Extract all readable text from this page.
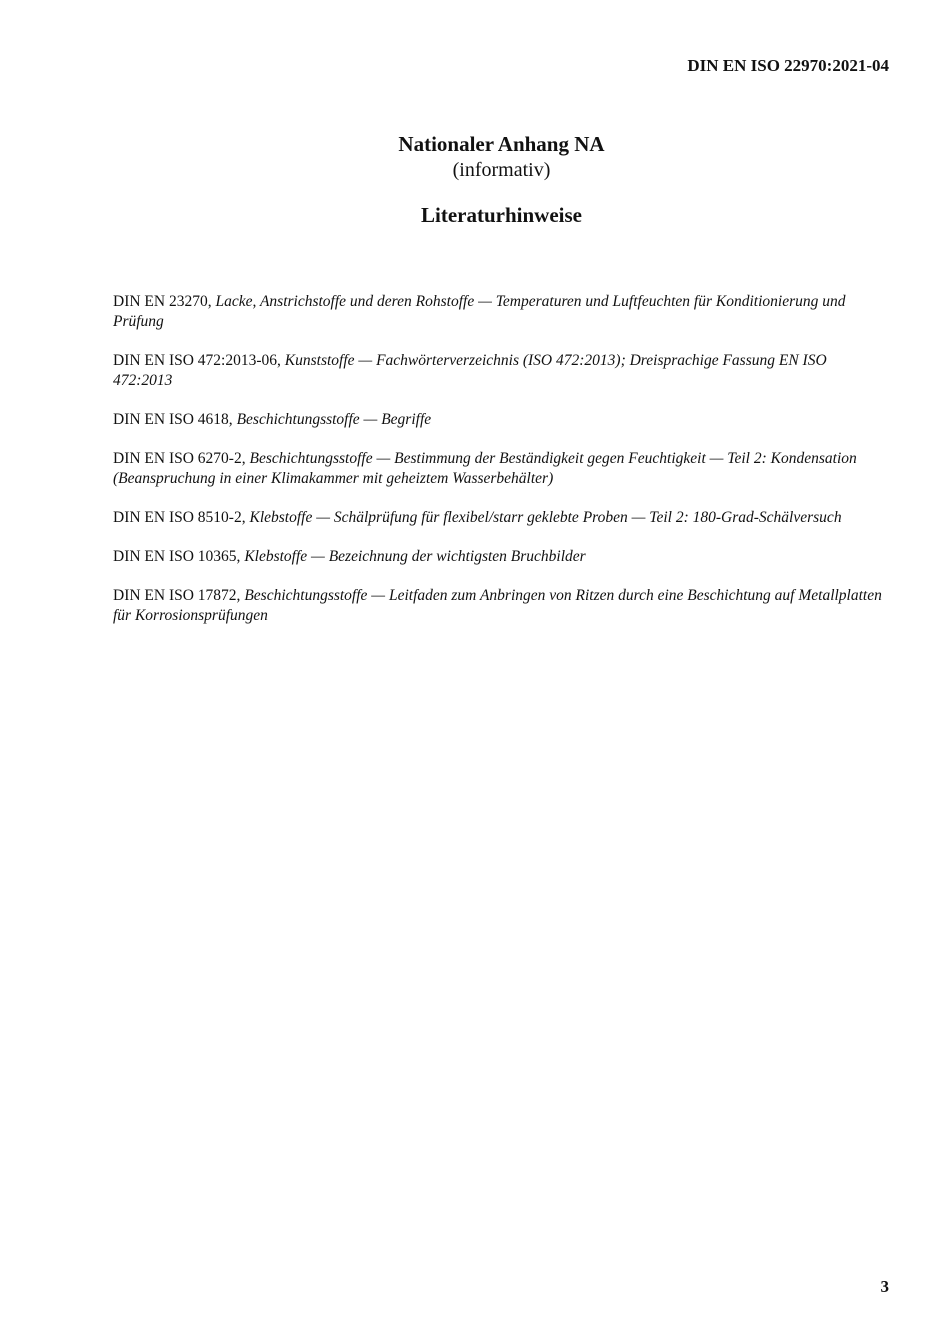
DIN EN ISO 22970:2021-04
Nationaler Anhang NA
(informativ)
Literaturhinweise

DIN EN 23270, Lacke, Anstrichstoffe und deren Rohstoffe — Temperaturen und Luftfeuchten für Konditionierung und Prüfung

DIN EN ISO 472:2013-06, Kunststoffe — Fachwörterverzeichnis (ISO 472:2013); Dreisprachige Fassung EN ISO 472:2013

DIN EN ISO 4618, Beschichtungsstoffe — Begriffe

DIN EN ISO 6270-2, Beschichtungsstoffe — Bestimmung der Beständigkeit gegen Feuchtigkeit — Teil 2: Kondensation (Beanspruchung in einer Klimakammer mit geheiztem Wasserbehälter)

DIN EN ISO 8510-2, Klebstoffe — Schälprüfung für flexibel/starr geklebte Proben — Teil 2: 180-Grad-Schälversuch

DIN EN ISO 10365, Klebstoffe — Bezeichnung der wichtigsten Bruchbilder

DIN EN ISO 17872, Beschichtungsstoffe — Leitfaden zum Anbringen von Ritzen durch eine Beschichtung auf Metallplatten für Korrosionsprüfungen

3
